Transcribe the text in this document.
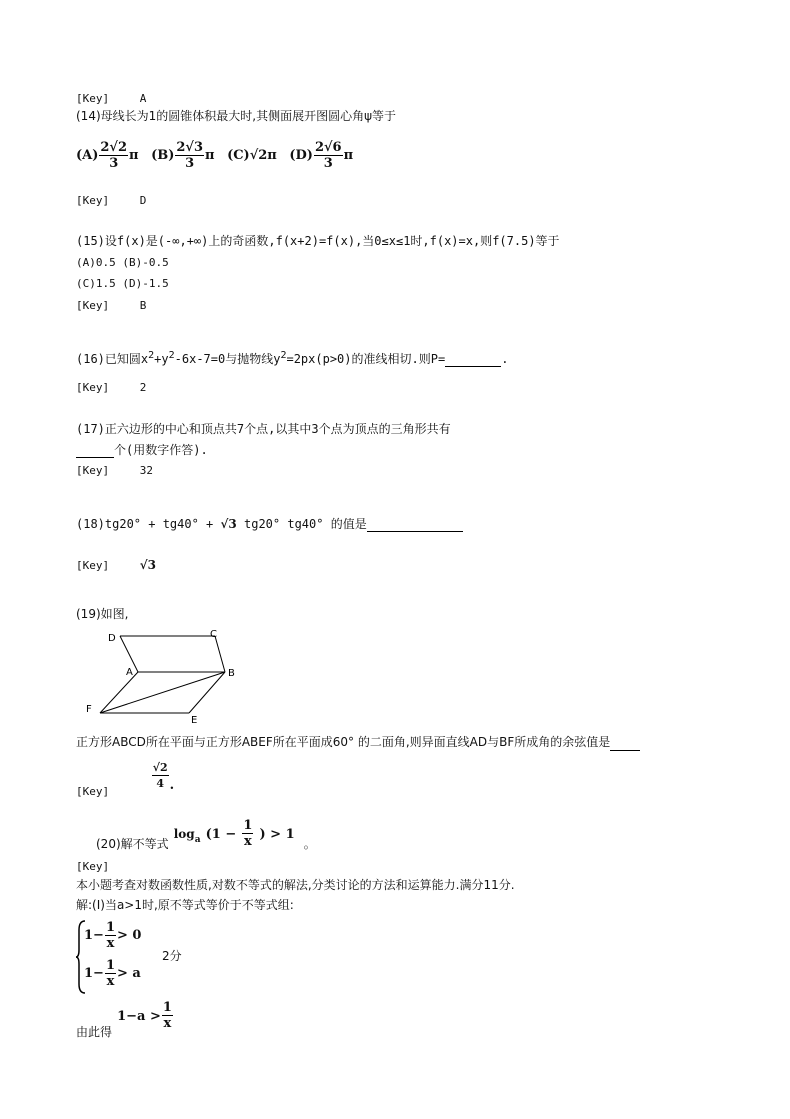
[Key]	A
(14)母线长为1的圆锥体积最大时,其侧面展开图圆心角ψ等于
$(A) \frac{2√2}{3}$ π $(B) \frac{2√3}{3}$ π (C)√2π $(D) \frac{2√6}{3}$ π
[Key]	D
(15)设f(x)是(-∞,+∞)上的奇函数,f(x+2)=f(x),当0≤x≤1时,f(x)=x,则f(7.5)等于
(A)0.5 (B)-0.5
(C)1.5 (D)-1.5
[Key]	B
(16)已知圆$x^2+y^2-6x-7=0$与抛物线$y^2=2px(p>0)$的准线相切.则P=	.
[Key]	2
(17)正六边形的中心和顶点共7个点,以其中3个点为顶点的三角形共有
个(用数字作答).
[Key]	32
(18)tg20° + tg40° + √3 tg20° tg40° 的值是
[Key]	√3
(19)如图,
D	C
A	B
F
E
正方形ABCD所在平面与正方形ABEF所在平面成60° 的二面角,则异面直线AD与BF所成角的余弦值是
[Key]	$\frac{√2}{4}$ .
$_{(20)解不等式}$ $\log_a (1 - \frac{1}{x}$ ) > 1 $_。$
[Key]
本小题考查对数函数性质,对数不等式的解法,分类讨论的方法和运算能力.满分11分.
解:(Ⅰ)当a>1时,原不等式等价于不等式组:
$1- \frac{1}{x} > 0$
$1- \frac{1}{x} > a$
2分
$_{由此得}$ $1-a > \frac{1}{x}$
